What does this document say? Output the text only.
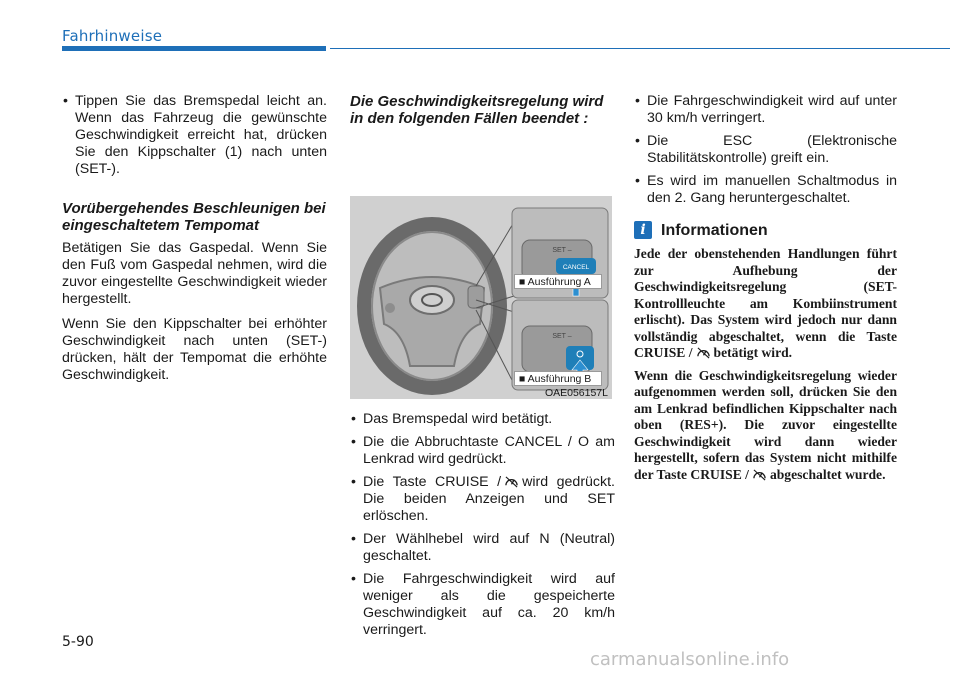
Fahrhinweise
• Tippen Sie das Bremspedal leicht an. Wenn das Fahrzeug die gewünschte Geschwindigkeit erreicht hat, drücken Sie den Kippschalter (1) nach unten (SET-).
Vorübergehendes Beschleunigen bei eingeschaltetem Tempomat

Betätigen Sie das Gaspedal. Wenn Sie den Fuß vom Gaspedal nehmen, wird die zuvor eingestellte Geschwindigkeit wieder hergestellt.

Wenn Sie den Kippschalter bei erhöhter Geschwindigkeit nach unten (SET-) drücken, hält der Tempomat die erhöhte Geschwindigkeit.

Die Geschwindigkeitsregelung wird in den folgenden Fällen beendet :
SET –
CANCEL
SET –
■ Ausführung A
■ Ausführung B
OAE056157L
• Das Bremspedal wird betätigt.
• Die die Abbruchtaste CANCEL / O am Lenkrad wird gedrückt.
• Die Taste CRUISE / wird gedrückt. Die beiden Anzeigen und SET erlöschen.
• Der Wählhebel wird auf N (Neutral) geschaltet.
• Die Fahrgeschwindigkeit wird auf weniger als die gespeicherte Geschwindigkeit auf ca. 20 km/h verringert.
• Die Fahrgeschwindigkeit wird auf unter 30 km/h verringert.
• Die ESC (Elektronische Stabilitätskontrolle) greift ein.
• Es wird im manuellen Schaltmodus in den 2. Gang heruntergeschaltet.
i Informationen

Jede der obenstehenden Handlungen führt zur Aufhebung der Geschwindigkeitsregelung (SET-Kontrollleuchte am Kombiinstrument erlischt). Das System wird jedoch nur dann vollständig abgeschaltet, wenn die Taste CRUISE / betätigt wird.

Wenn die Geschwindigkeitsregelung wieder aufgenommen werden soll, drücken Sie den am Lenkrad befindlichen Kippschalter nach oben (RES+). Die zuvor eingestellte Geschwindigkeit wird dann wieder hergestellt, sofern das System nicht mithilfe der Taste CRUISE / abgeschaltet wurde.

5-90
carmanualsonline.info
